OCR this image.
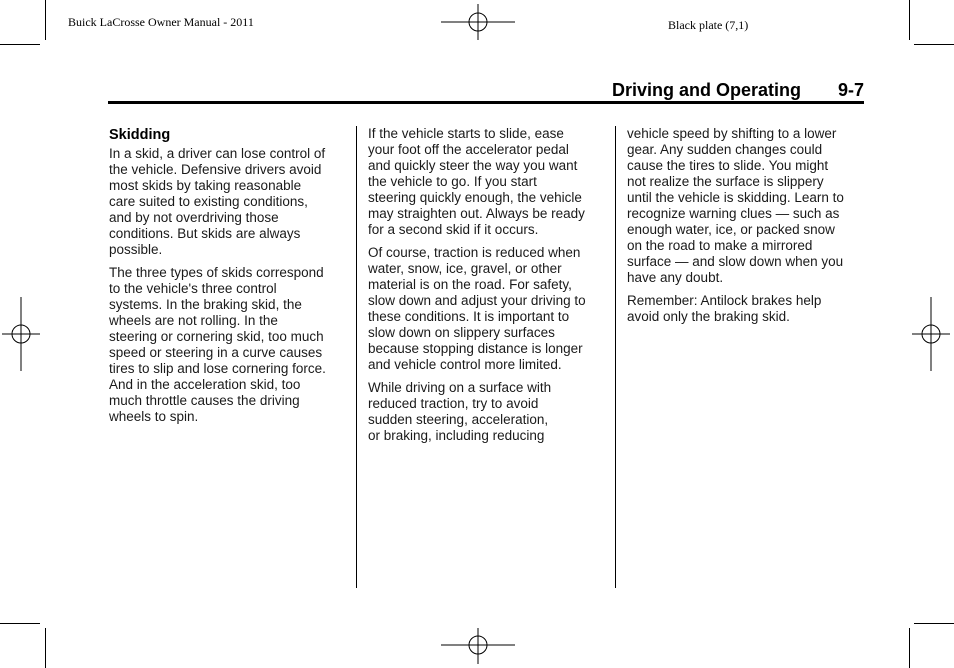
Buick LaCrosse Owner Manual - 2011	Black plate (7,1)
Driving and Operating 9-7
Skidding

In a skid, a driver can lose control of
the vehicle. Defensive drivers avoid
most skids by taking reasonable
care suited to existing conditions,
and by not overdriving those
conditions. But skids are always
possible.

The three types of skids correspond
to the vehicle's three control
systems. In the braking skid, the
wheels are not rolling. In the
steering or cornering skid, too much
speed or steering in a curve causes
tires to slip and lose cornering force.
And in the acceleration skid, too
much throttle causes the driving
wheels to spin.

If the vehicle starts to slide, ease
your foot off the accelerator pedal
and quickly steer the way you want
the vehicle to go. If you start
steering quickly enough, the vehicle
may straighten out. Always be ready
for a second skid if it occurs.

Of course, traction is reduced when
water, snow, ice, gravel, or other
material is on the road. For safety,
slow down and adjust your driving to
these conditions. It is important to
slow down on slippery surfaces
because stopping distance is longer
and vehicle control more limited.

While driving on a surface with
reduced traction, try to avoid
sudden steering, acceleration,
or braking, including reducing

vehicle speed by shifting to a lower
gear. Any sudden changes could
cause the tires to slide. You might
not realize the surface is slippery
until the vehicle is skidding. Learn to
recognize warning clues — such as
enough water, ice, or packed snow
on the road to make a mirrored
surface — and slow down when you
have any doubt.

Remember: Antilock brakes help
avoid only the braking skid.
